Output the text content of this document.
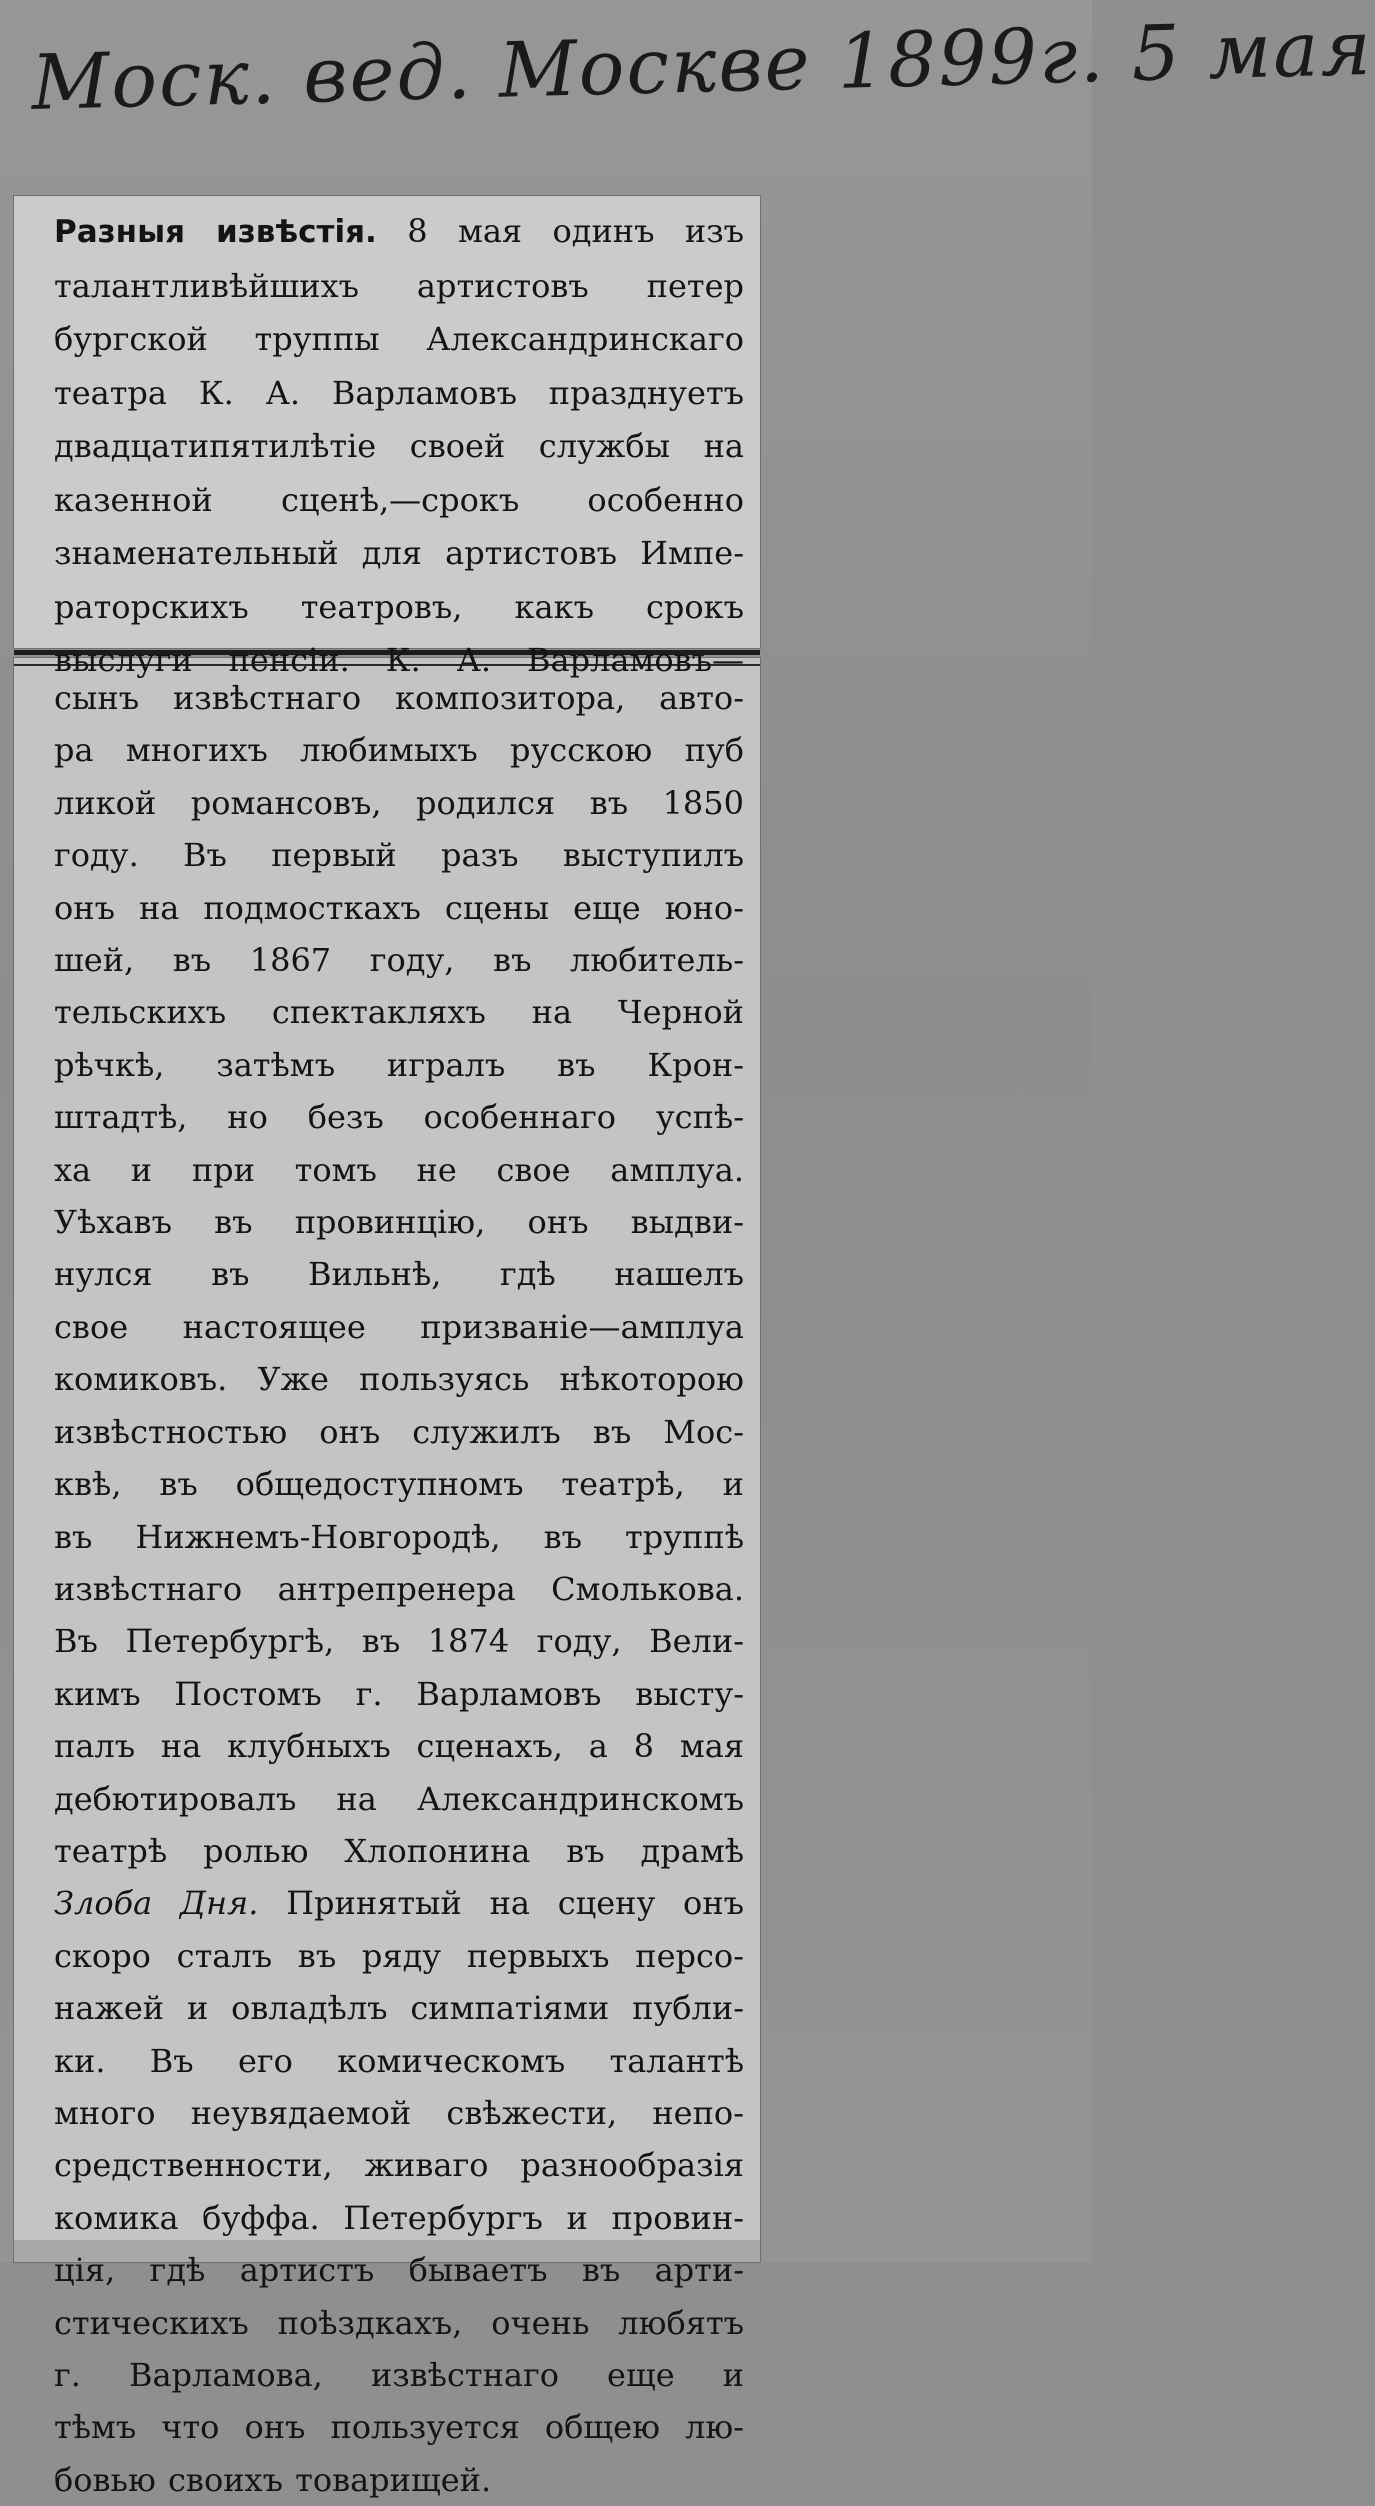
Моск. вед. Москве 1899г. 5 мая
Разныя извѣстія. 8 мая одинъ изъ
талантливѣйшихъ артистовъ петер
бургской труппы Александринскаго
театра К. А. Варламовъ празднуетъ
двадцатипятилѣтіе своей службы на
казенной сценѣ,—срокъ особенно
знаменательный для артистовъ Импе-
раторскихъ театровъ, какъ срокъ
выслуги пенсіи. К. А. Варламовъ—
сынъ извѣстнаго композитора, авто-
ра многихъ любимыхъ русскою пуб
ликой романсовъ, родился въ 1850
году. Въ первый разъ выступилъ
онъ на подмосткахъ сцены еще юно-
шей, въ 1867 году, въ любитель-
тельскихъ спектакляхъ на Черной
рѣчкѣ, затѣмъ игралъ въ Крон-
штадтѣ, но безъ особеннаго успѣ-
ха и при томъ не свое амплуа.
Уѣхавъ въ провинцію, онъ выдви-
нулся въ Вильнѣ, гдѣ нашелъ
свое настоящее призваніе—амплуа
комиковъ. Уже пользуясь нѣкоторою
извѣстностью онъ служилъ въ Мос-
квѣ, въ общедоступномъ театрѣ, и
въ Нижнемъ-Новгородѣ, въ труппѣ
извѣстнаго антрепренера Смолькова.
Въ Петербургѣ, въ 1874 году, Вели-
кимъ Постомъ г. Варламовъ высту-
палъ на клубныхъ сценахъ, а 8 мая
дебютировалъ на Александринскомъ
театрѣ ролью Хлопонина въ драмѣ
Злоба Дня. Принятый на сцену онъ
скоро сталъ въ ряду первыхъ персо-
нажей и овладѣлъ симпатіями публи-
ки. Въ его комическомъ талантѣ
много неувядаемой свѣжести, непо-
средственности, живаго разнообразія
комика буффа. Петербургъ и провин-
ція, гдѣ артистъ бываетъ въ арти-
стическихъ поѣздкахъ, очень любятъ
г. Варламова, извѣстнаго еще и
тѣмъ что онъ пользуется общею лю-
бовью своихъ товарищей.
